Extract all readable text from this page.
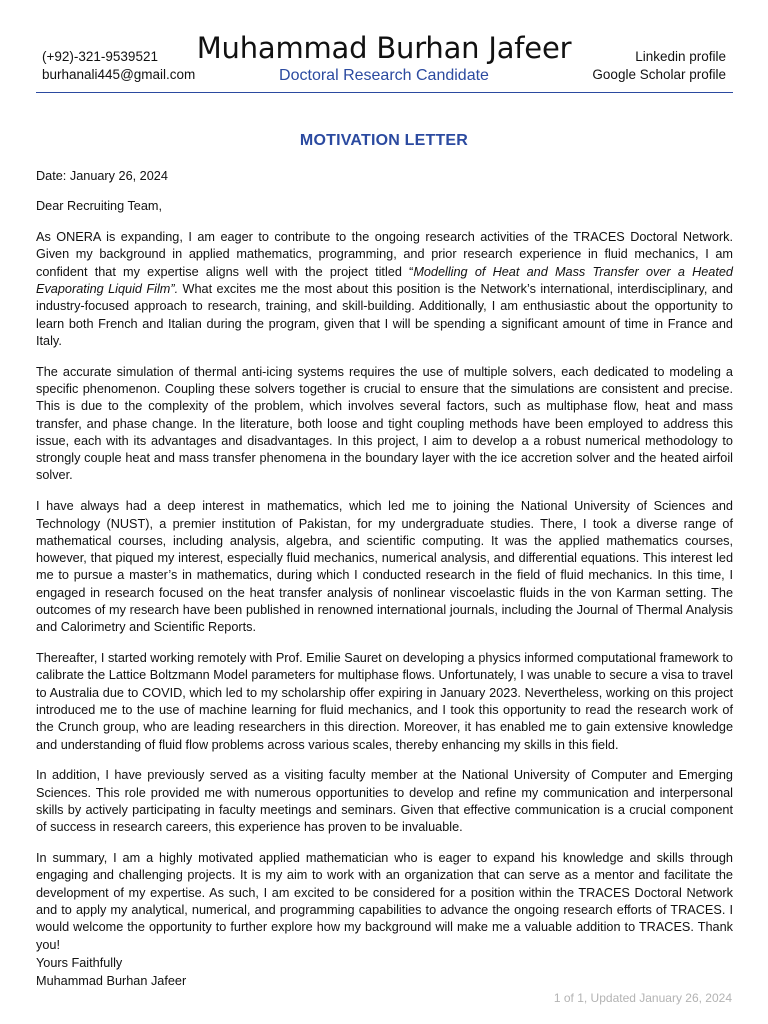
(+92)-321-9539521
burhanali445@gmail.com
Muhammad Burhan Jafeer
Doctoral Research Candidate
Linkedin profile
Google Scholar profile
MOTIVATION LETTER

Date: January 26, 2024

Dear Recruiting Team,

As ONERA is expanding, I am eager to contribute to the ongoing research activities of the TRACES Doctoral Network. Given my background in applied mathematics, programming, and prior research experience in fluid mechanics, I am confident that my expertise aligns well with the project titled “Modelling of Heat and Mass Transfer over a Heated Evaporating Liquid Film”. What excites me the most about this position is the Network’s international, interdisciplinary, and industry-focused approach to research, training, and skill-building. Additionally, I am enthusiastic about the opportunity to learn both French and Italian during the program, given that I will be spending a significant amount of time in France and Italy.

The accurate simulation of thermal anti-icing systems requires the use of multiple solvers, each dedicated to modeling a specific phenomenon. Coupling these solvers together is crucial to ensure that the simulations are consistent and precise. This is due to the complexity of the problem, which involves several factors, such as multiphase flow, heat and mass transfer, and phase change. In the literature, both loose and tight coupling methods have been employed to address this issue, each with its advantages and disadvantages. In this project, I aim to develop a a robust numerical methodology to strongly couple heat and mass transfer phenomena in the boundary layer with the ice accretion solver and the heated airfoil solver.

I have always had a deep interest in mathematics, which led me to joining the National University of Sciences and Technology (NUST), a premier institution of Pakistan, for my undergraduate studies. There, I took a diverse range of mathematical courses, including analysis, algebra, and scientific computing. It was the applied mathematics courses, however, that piqued my interest, especially fluid mechanics, numerical analysis, and differential equations. This interest led me to pursue a master’s in mathematics, during which I conducted research in the field of fluid mechanics. In this time, I engaged in research focused on the heat transfer analysis of nonlinear viscoelastic fluids in the von Karman setting. The outcomes of my research have been published in renowned international journals, including the Journal of Thermal Analysis and Calorimetry and Scientific Reports.

Thereafter, I started working remotely with Prof. Emilie Sauret on developing a physics informed computational framework to calibrate the Lattice Boltzmann Model parameters for multiphase flows. Unfortunately, I was unable to secure a visa to travel to Australia due to COVID, which led to my scholarship offer expiring in January 2023. Nevertheless, working on this project introduced me to the use of machine learning for fluid mechanics, and I took this opportunity to read the research work of the Crunch group, who are leading researchers in this direction. Moreover, it has enabled me to gain extensive knowledge and understanding of fluid flow problems across various scales, thereby enhancing my skills in this field.

In addition, I have previously served as a visiting faculty member at the National University of Computer and Emerging Sciences. This role provided me with numerous opportunities to develop and refine my communication and interpersonal skills by actively participating in faculty meetings and seminars. Given that effective communication is a crucial component of success in research careers, this experience has proven to be invaluable.

In summary, I am a highly motivated applied mathematician who is eager to expand his knowledge and skills through engaging and challenging projects. It is my aim to work with an organization that can serve as a mentor and facilitate the development of my expertise. As such, I am excited to be considered for a position within the TRACES Doctoral Network and to apply my analytical, numerical, and programming capabilities to advance the ongoing research efforts of TRACES. I would welcome the opportunity to further explore how my background will make me a valuable addition to TRACES. Thank you!

Yours Faithfully
Muhammad Burhan Jafeer
1 of 1, Updated January 26, 2024
